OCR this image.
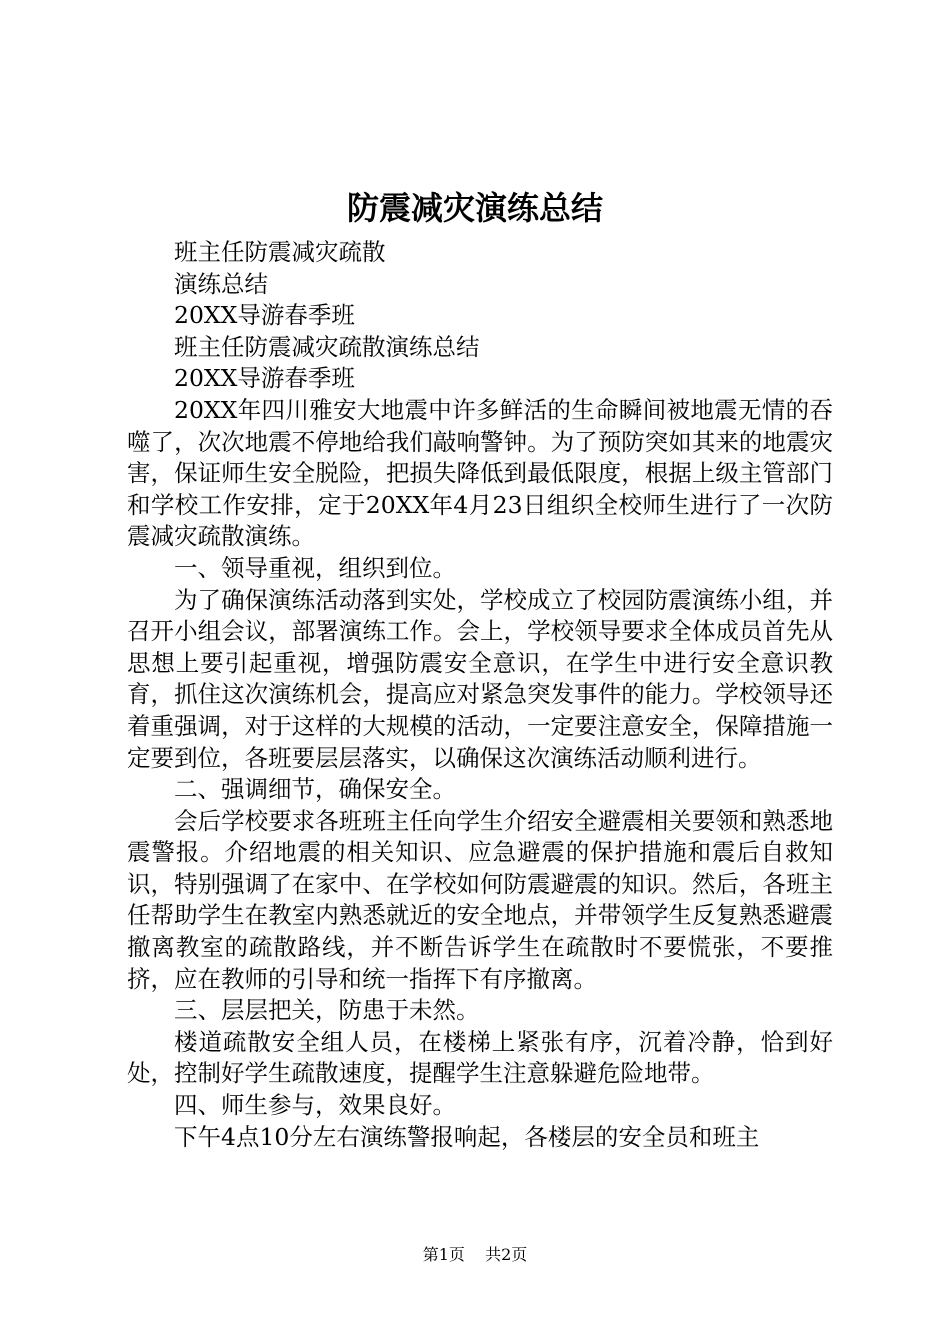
防震减灾演练总结

班主任防震减灾疏散

演练总结

20XX导游春季班

班主任防震减灾疏散演练总结

20XX导游春季班

20XX年四川雅安大地震中许多鲜活的生命瞬间被地震无情的吞噬了，次次地震不停地给我们敲响警钟。为了预防突如其来的地震灾害，保证师生安全脱险，把损失降低到最低限度，根据上级主管部门和学校工作安排，定于20XX年4月23日组织全校师生进行了一次防震减灾疏散演练。

一、领导重视，组织到位。

为了确保演练活动落到实处，学校成立了校园防震演练小组，并召开小组会议，部署演练工作。会上，学校领导要求全体成员首先从思想上要引起重视，增强防震安全意识，在学生中进行安全意识教育，抓住这次演练机会，提高应对紧急突发事件的能力。学校领导还着重强调，对于这样的大规模的活动，一定要注意安全，保障措施一定要到位，各班要层层落实，以确保这次演练活动顺利进行。

二、强调细节，确保安全。

会后学校要求各班班主任向学生介绍安全避震相关要领和熟悉地震警报。介绍地震的相关知识、应急避震的保护措施和震后自救知识，特别强调了在家中、在学校如何防震避震的知识。然后，各班主任帮助学生在教室内熟悉就近的安全地点，并带领学生反复熟悉避震撤离教室的疏散路线，并不断告诉学生在疏散时不要慌张，不要推挤，应在教师的引导和统一指挥下有序撤离。

三、层层把关，防患于未然。

楼道疏散安全组人员，在楼梯上紧张有序，沉着冷静，恰到好处，控制好学生疏散速度，提醒学生注意躲避危险地带。

四、师生参与，效果良好。

下午4点10分左右演练警报响起，各楼层的安全员和班主

第1页 共2页
